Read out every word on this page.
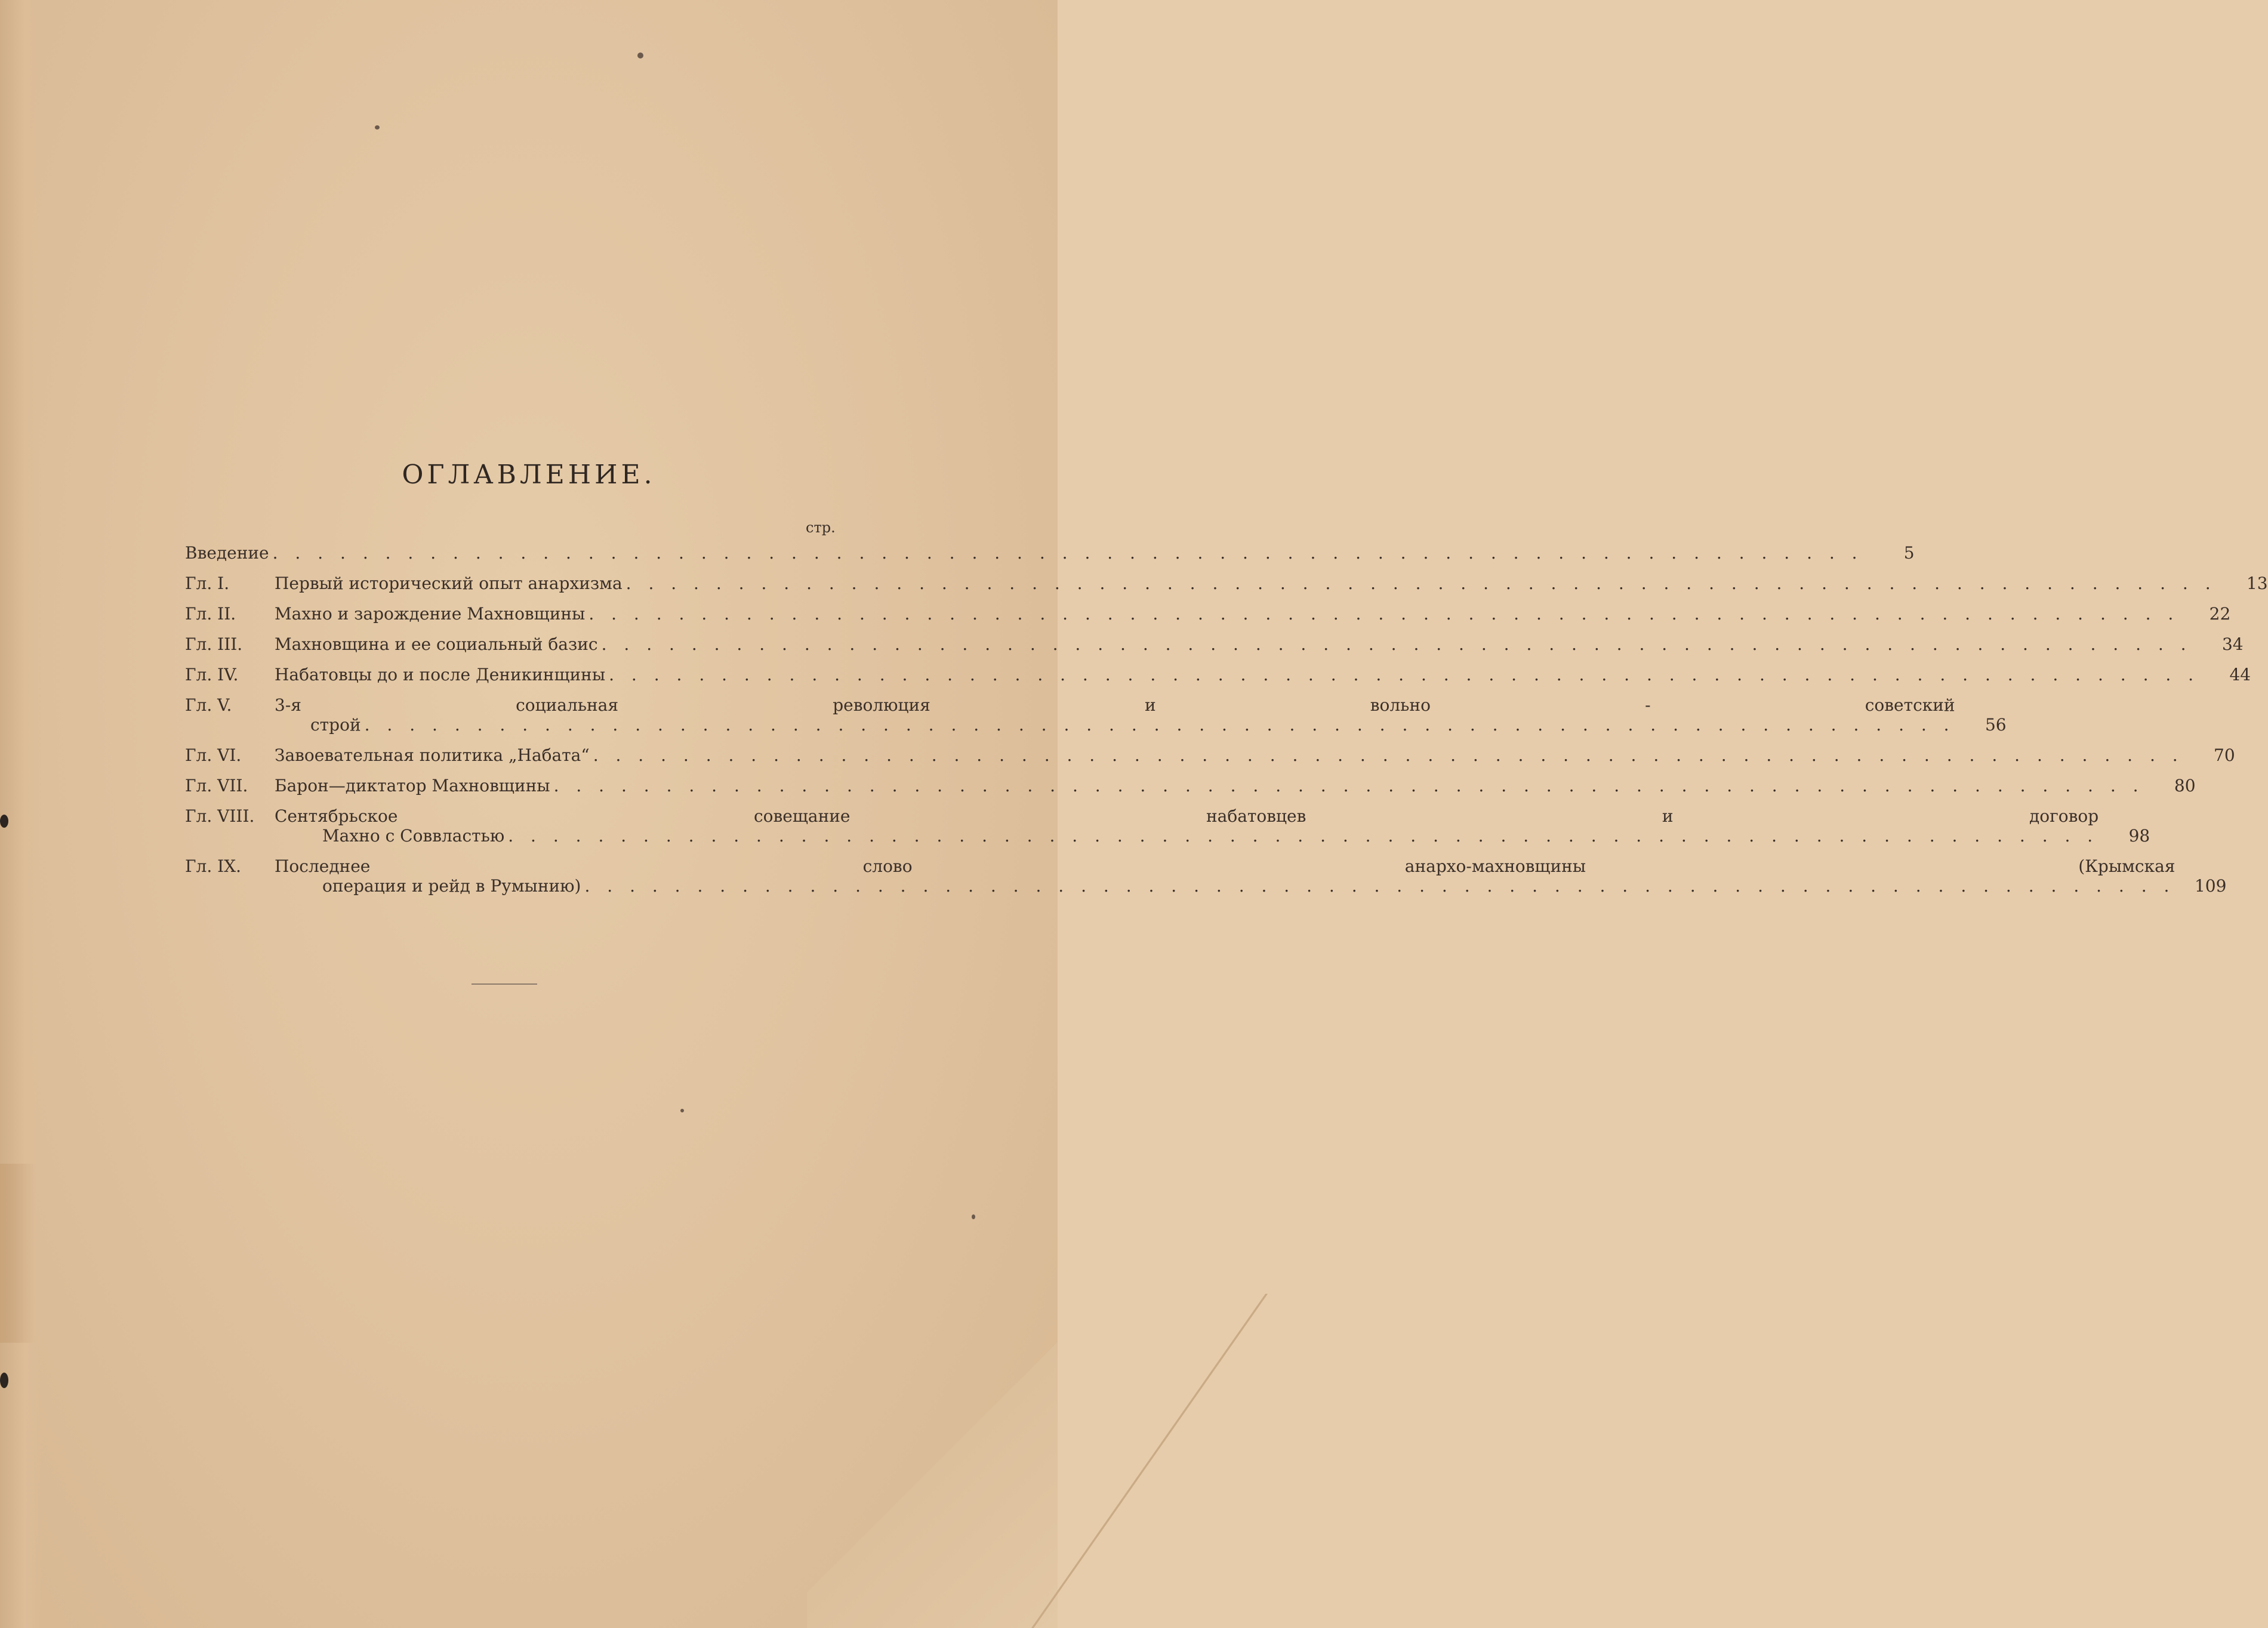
ОГЛАВЛЕНИЕ.
стр.
Введение . . .	5
Гл. I.	Первый исторический опыт анархизма . . .	13
Гл. II.	Махно и зарождение Махновщины . . .	22
Гл. III.	Махновщина и ее социальный базис . . .	34
Гл. IV.	Набатовцы до и после Деникинщины . . .	44
Гл. V.	3-я социальная революция и вольно - советский
строй . . .	56
Гл. VI.	Завоевательная политика „Набата“ . . .	70
Гл. VII.	Барон—диктатор Махновщины . . .	80
Гл. VIII.	Сентябрьское совещание набатовцев и договор
Махно с Соввластью . . .	98
Гл. IX.	Последнее слово анархо-махновщины (Крымская
операция и рейд в Румынию) . . .	109
